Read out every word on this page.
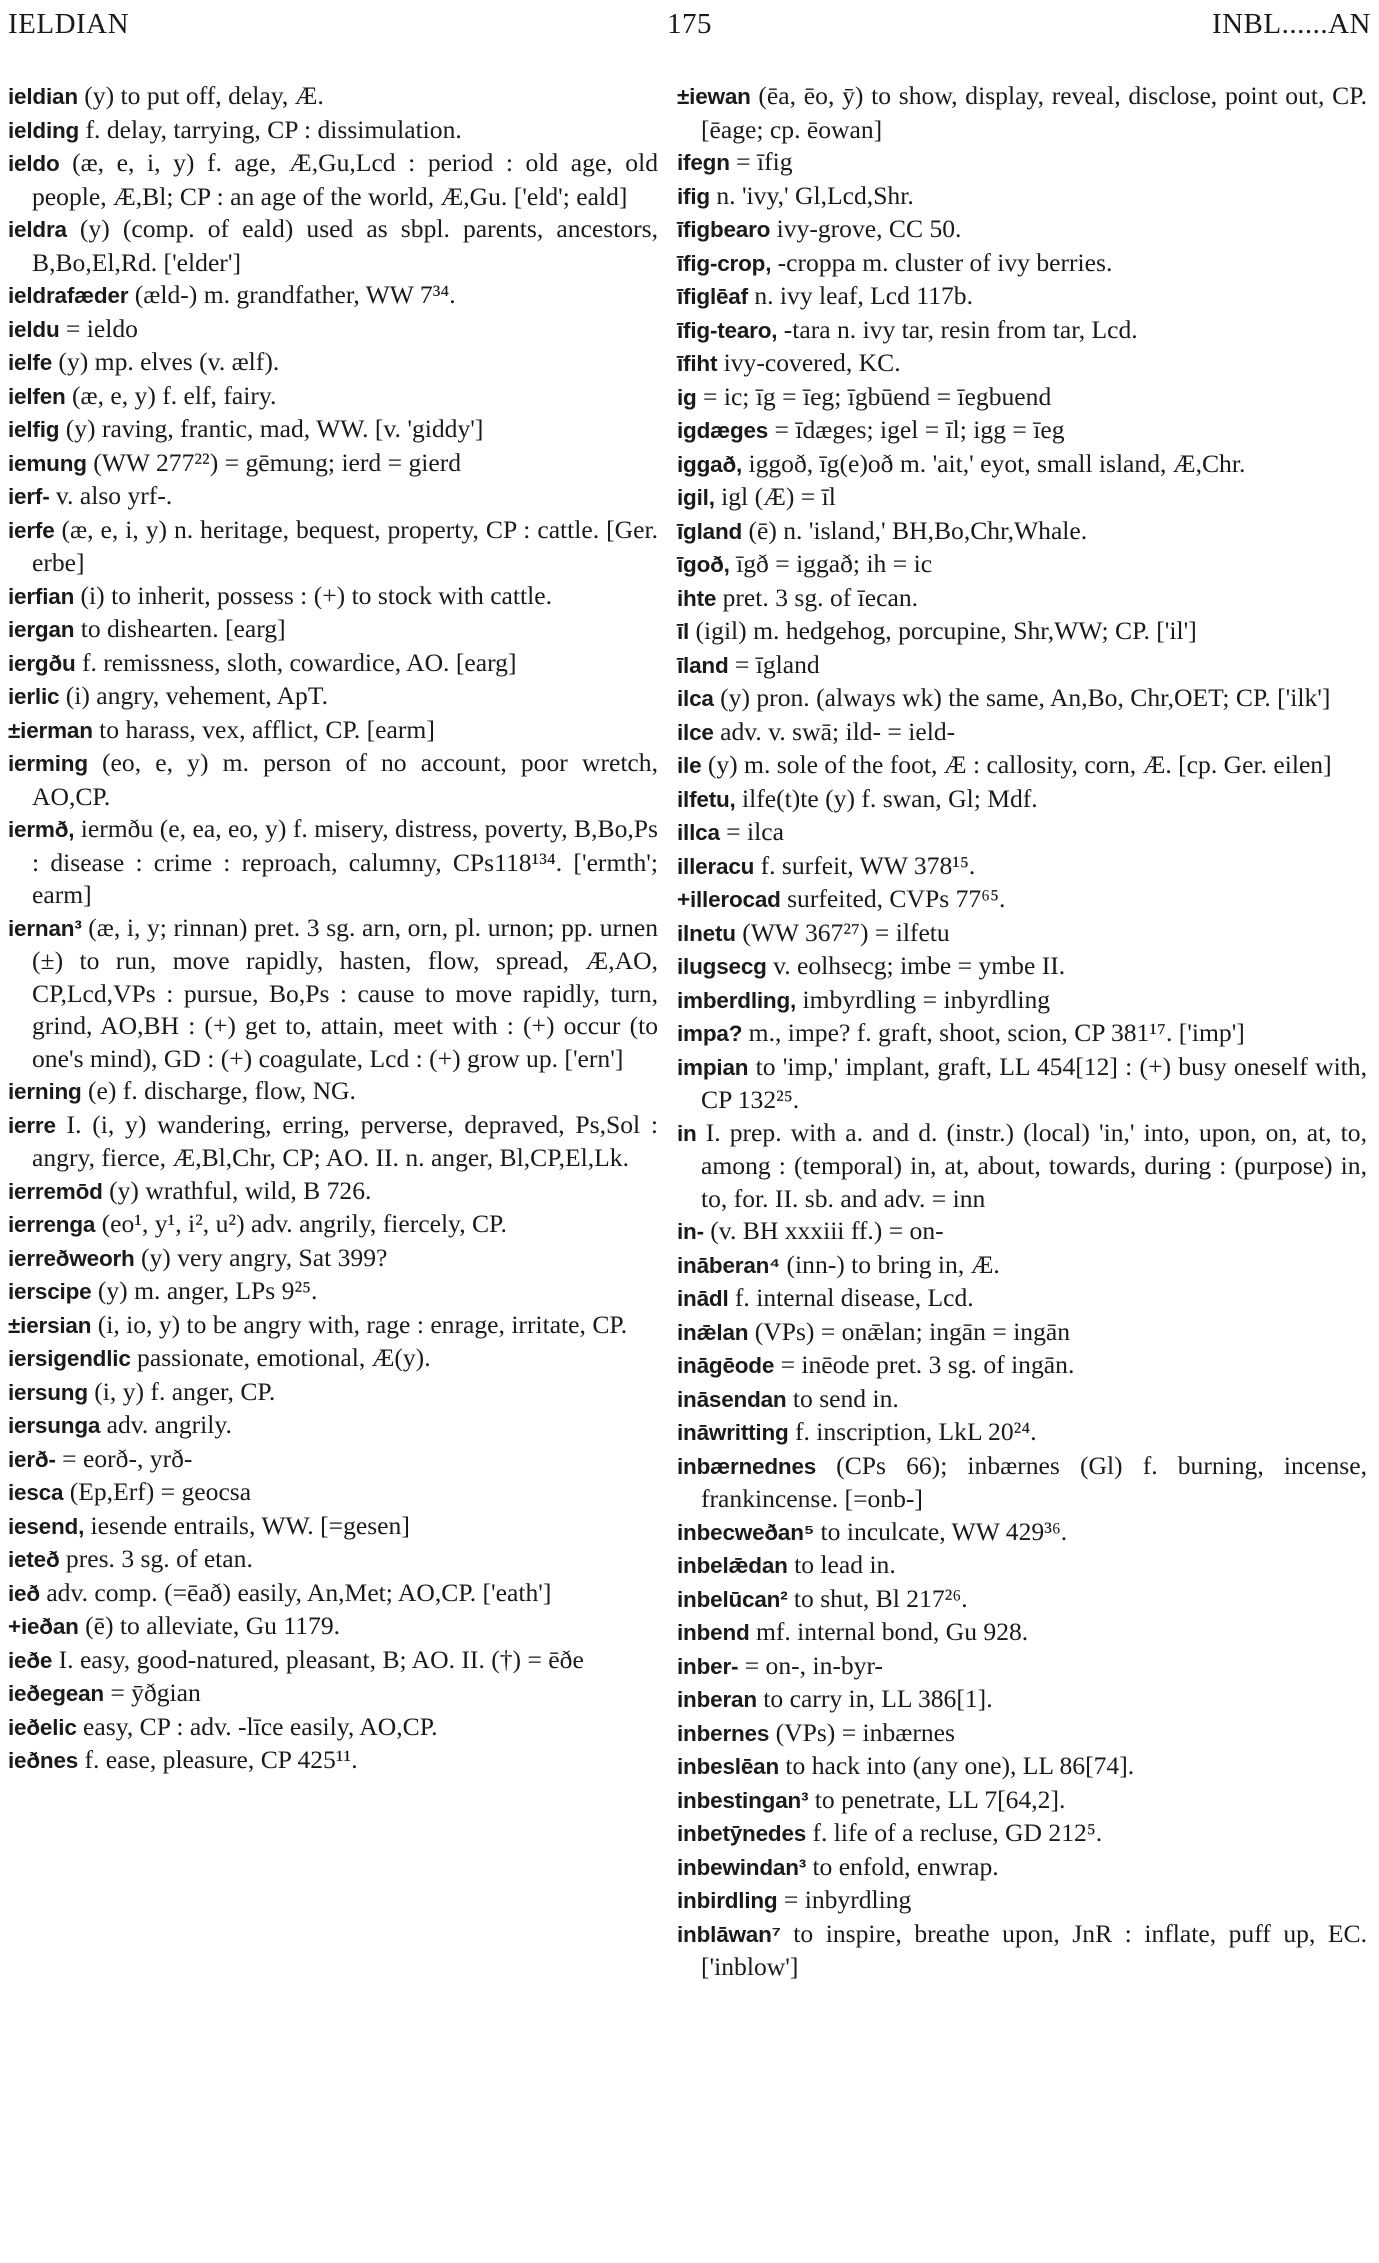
IELDIAN	175	INBL......AN
ieldian (y) to put off, delay, Æ.
ielding f. delay, tarrying, CP : dissimulation.
ieldo (æ, e, i, y) f. age, Æ,Gu,Lcd : period : old age, old people, Æ,Bl; CP : an age of the world, Æ,Gu. ['eld'; eald]
ieldra (y) (comp. of eald) used as sbpl. parents, ancestors, B,Bo,El,Rd. ['elder']
ieldrafæder (æld-) m. grandfather, WW 7³⁴.
ieldu = ieldo
ielfe (y) mp. elves (v. ælf).
ielfen (æ, e, y) f. elf, fairy.
ielfig (y) raving, frantic, mad, WW. [v. 'giddy']
iemung (WW 277²²) = gēmung; ierd = gierd
ierf- v. also yrf-.
ierfe (æ, e, i, y) n. heritage, bequest, property, CP : cattle. [Ger. erbe]
ierfian (i) to inherit, possess : (+) to stock with cattle.
iergan to dishearten. [earg]
iergðu f. remissness, sloth, cowardice, AO. [earg]
ierlic (i) angry, vehement, ApT.
±ierman to harass, vex, afflict, CP. [earm]
ierming (eo, e, y) m. person of no account, poor wretch, AO,CP.
iermð, iermðu (e, ea, eo, y) f. misery, distress, poverty, B,Bo,Ps : disease : crime : reproach, calumny, CPs118¹³⁴. ['ermth'; earm]
iernan³ (æ, i, y; rinnan) pret. 3 sg. arn, orn, pl. urnon; pp. urnen (±) to run, move rapidly, hasten, flow, spread, Æ,AO, CP,Lcd,VPs : pursue, Bo,Ps : cause to move rapidly, turn, grind, AO,BH : (+) get to, attain, meet with : (+) occur (to one's mind), GD : (+) coagulate, Lcd : (+) grow up. ['ern']
ierning (e) f. discharge, flow, NG.
ierre I. (i, y) wandering, erring, perverse, depraved, Ps,Sol : angry, fierce, Æ,Bl,Chr, CP; AO. II. n. anger, Bl,CP,El,Lk.
ierremōd (y) wrathful, wild, B 726.
ierrenga (eo¹, y¹, i², u²) adv. angrily, fiercely, CP.
ierreðweorh (y) very angry, Sat 399?
ierscipe (y) m. anger, LPs 9²⁵.
±iersian (i, io, y) to be angry with, rage : enrage, irritate, CP.
iersigendlic passionate, emotional, Æ(y).
iersung (i, y) f. anger, CP.
iersunga adv. angrily.
ierð- = eorð-, yrð-
iesca (Ep,Erf) = geocsa
iesend, iesende entrails, WW. [=gesen]
ieteð pres. 3 sg. of etan.
ieð adv. comp. (=ēað) easily, An,Met; AO,CP. ['eath']
+ieðan (ē) to alleviate, Gu 1179.
ieðe I. easy, good-natured, pleasant, B; AO. II. (†) = ēðe
ieðegean = ȳðgian
ieðelic easy, CP : adv. -līce easily, AO,CP.
ieðnes f. ease, pleasure, CP 425¹¹.
±iewan (ēa, ēo, ȳ) to show, display, reveal, disclose, point out, CP. [ēage; cp. ēowan]
ifegn = īfig
ifig n. 'ivy,' Gl,Lcd,Shr.
īfigbearo ivy-grove, CC 50.
īfig-crop, -croppa m. cluster of ivy berries.
īfiglēaf n. ivy leaf, Lcd 117b.
īfig-tearo, -tara n. ivy tar, resin from tar, Lcd.
īfiht ivy-covered, KC.
ig = ic; īg = īeg; īgbūend = īegbuend
igdæges = īdæges; igel = īl; igg = īeg
iggað, iggoð, īg(e)oð m. 'ait,' eyot, small island, Æ,Chr.
igil, igl (Æ) = īl
īgland (ē) n. 'island,' BH,Bo,Chr,Whale.
īgoð, īgð = iggað; ih = ic
ihte pret. 3 sg. of īecan.
īl (igil) m. hedgehog, porcupine, Shr,WW; CP. ['il']
īland = īgland
ilca (y) pron. (always wk) the same, An,Bo, Chr,OET; CP. ['ilk']
ilce adv. v. swā; ild- = ield-
ile (y) m. sole of the foot, Æ : callosity, corn, Æ. [cp. Ger. eilen]
ilfetu, ilfe(t)te (y) f. swan, Gl; Mdf.
illca = ilca
illeracu f. surfeit, WW 378¹⁵.
+illerocad surfeited, CVPs 77⁶⁵.
ilnetu (WW 367²⁷) = ilfetu
ilugsecg v. eolhsecg; imbe = ymbe II.
imberdling, imbyrdling = inbyrdling
impa? m., impe? f. graft, shoot, scion, CP 381¹⁷. ['imp']
impian to 'imp,' implant, graft, LL 454[12] : (+) busy oneself with, CP 132²⁵.
in I. prep. with a. and d. (instr.) (local) 'in,' into, upon, on, at, to, among : (temporal) in, at, about, towards, during : (purpose) in, to, for. II. sb. and adv. = inn
in- (v. BH xxxiii ff.) = on-
ināberan⁴ (inn-) to bring in, Æ.
inādl f. internal disease, Lcd.
inǣlan (VPs) = onǣlan; ingān = ingān
ināgēode = inēode pret. 3 sg. of ingān.
ināsendan to send in.
ināwritting f. inscription, LkL 20²⁴.
inbærnednes (CPs 66); inbærnes (Gl) f. burning, incense, frankincense. [=onb-]
inbecweðan⁵ to inculcate, WW 429³⁶.
inbelǣdan to lead in.
inbelūcan² to shut, Bl 217²⁶.
inbend mf. internal bond, Gu 928.
inber- = on-, in-byr-
inberan to carry in, LL 386[1].
inbernes (VPs) = inbærnes
inbeslēan to hack into (any one), LL 86[74].
inbestingan³ to penetrate, LL 7[64,2].
inbetȳnedes f. life of a recluse, GD 212⁵.
inbewindan³ to enfold, enwrap.
inbirdling = inbyrdling
inblāwan⁷ to inspire, breathe upon, JnR : inflate, puff up, EC. ['inblow']
